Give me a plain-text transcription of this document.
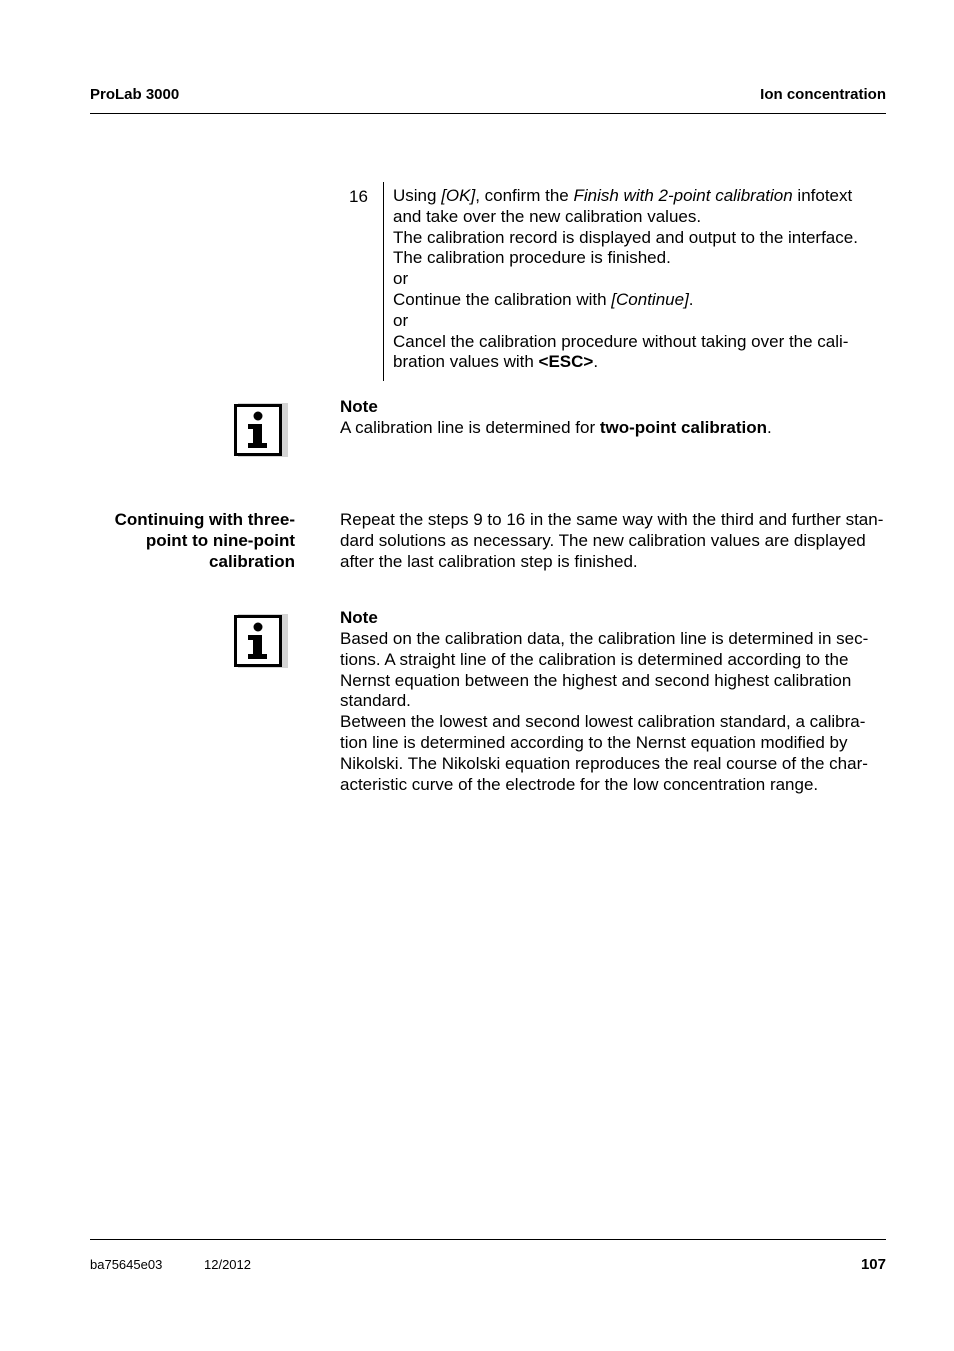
ProLab 3000	Ion concentration
16 Using [OK], confirm the Finish with 2-point calibration infotext
and take over the new calibration values.
The calibration record is displayed and output to the interface.
The calibration procedure is finished.
or
Continue the calibration with [Continue].
or
Cancel the calibration procedure without taking over the cali-
bration values with <ESC>.
Note
A calibration line is determined for two-point calibration.
Continuing with three-
point to nine-point
calibration
Repeat the steps 9 to 16 in the same way with the third and further stan-
dard solutions as necessary. The new calibration values are displayed
after the last calibration step is finished.
Note
Based on the calibration data, the calibration line is determined in sec-
tions. A straight line of the calibration is determined according to the
Nernst equation between the highest and second highest calibration
standard.
Between the lowest and second lowest calibration standard, a calibra-
tion line is determined according to the Nernst equation modified by
Nikolski. The Nikolski equation reproduces the real course of the char-
acteristic curve of the electrode for the low concentration range.
ba75645e03	12/2012	107
